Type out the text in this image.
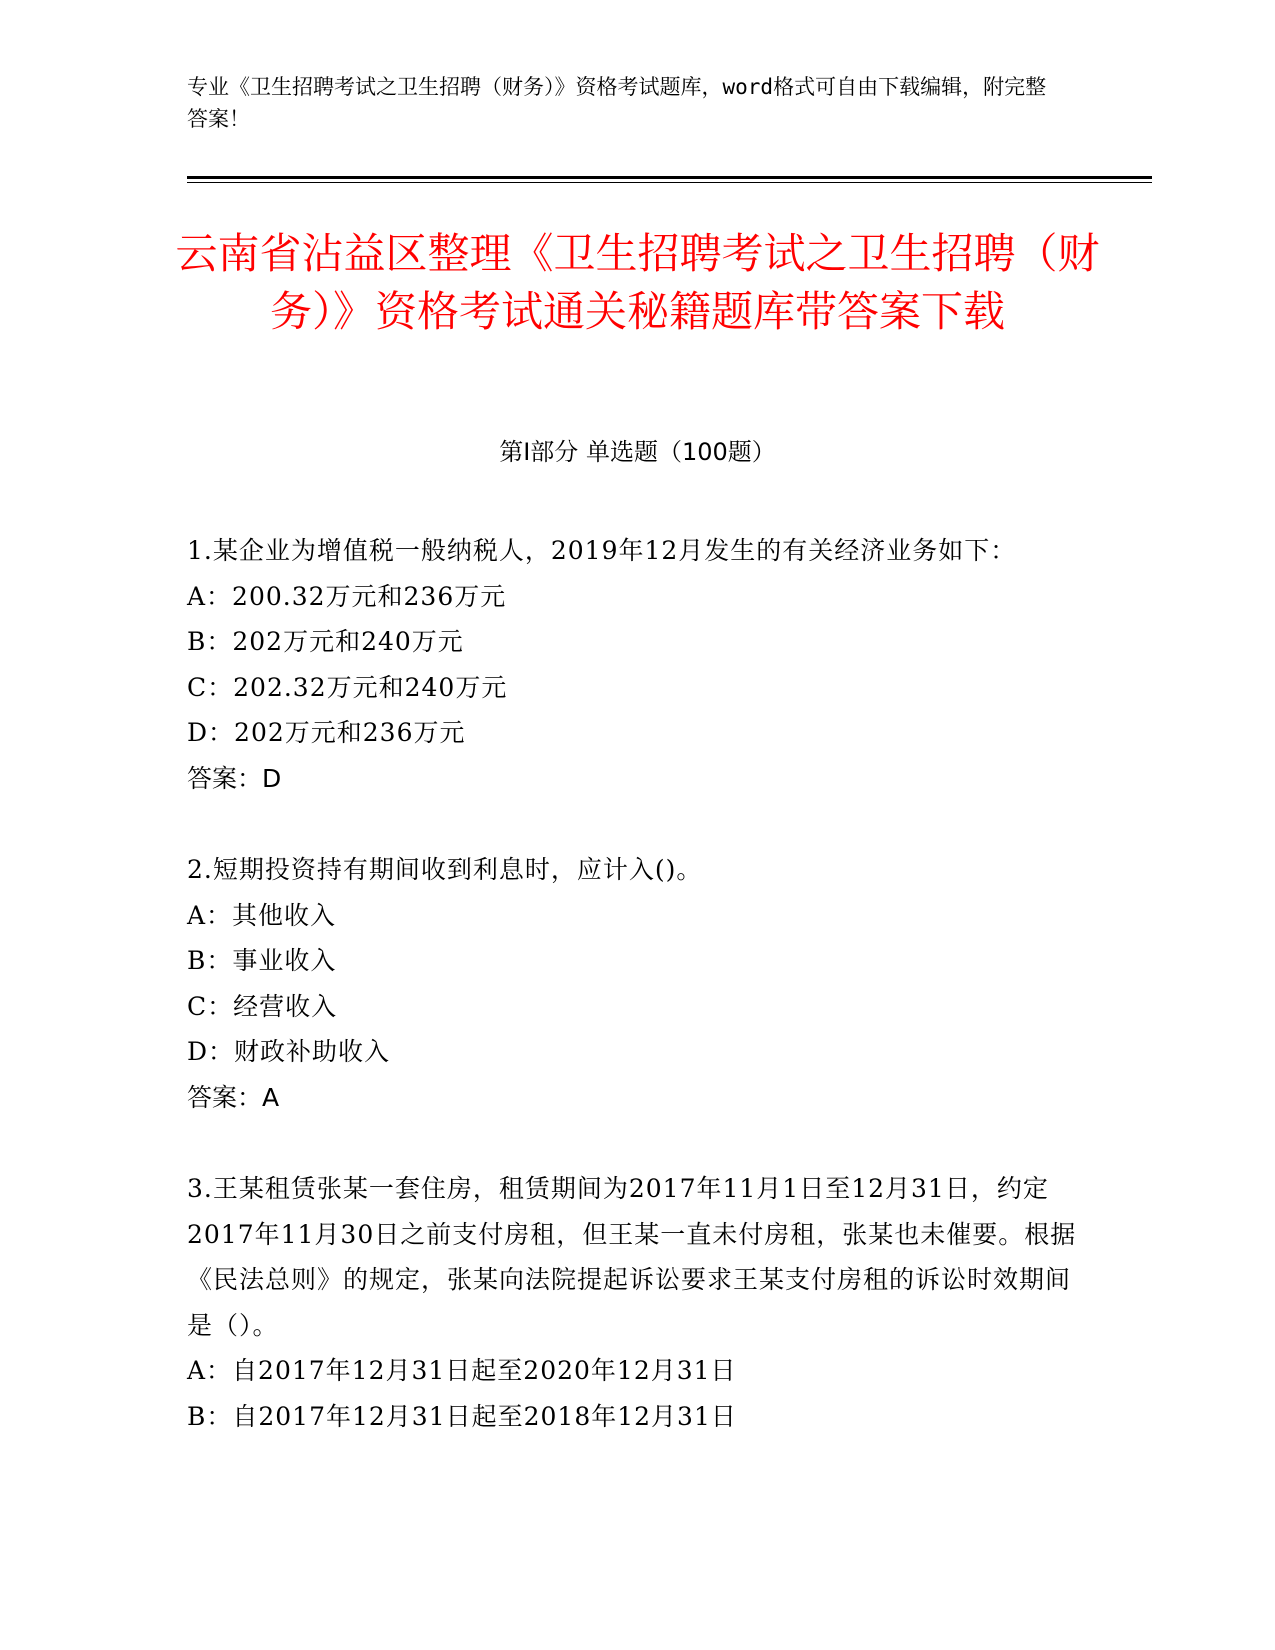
专业《卫生招聘考试之卫生招聘（财务）》资格考试题库，word格式可自由下载编辑，附完整答案！
云南省沾益区整理《卫生招聘考试之卫生招聘（财务）》资格考试通关秘籍题库带答案下载
第I部分 单选题（100题）
1.某企业为增值税一般纳税人，2019年12月发生的有关经济业务如下：
A：200.32万元和236万元
B：202万元和240万元
C：202.32万元和240万元
D：202万元和236万元
答案：D
2.短期投资持有期间收到利息时，应计入()。
A：其他收入
B：事业收入
C：经营收入
D：财政补助收入
答案：A
3.王某租赁张某一套住房，租赁期间为2017年11月1日至12月31日，约定2017年11月30日之前支付房租，但王某一直未付房租，张某也未催要。根据《民法总则》的规定，张某向法院提起诉讼要求王某支付房租的诉讼时效期间是（）。
A：自2017年12月31日起至2020年12月31日
B：自2017年12月31日起至2018年12月31日
